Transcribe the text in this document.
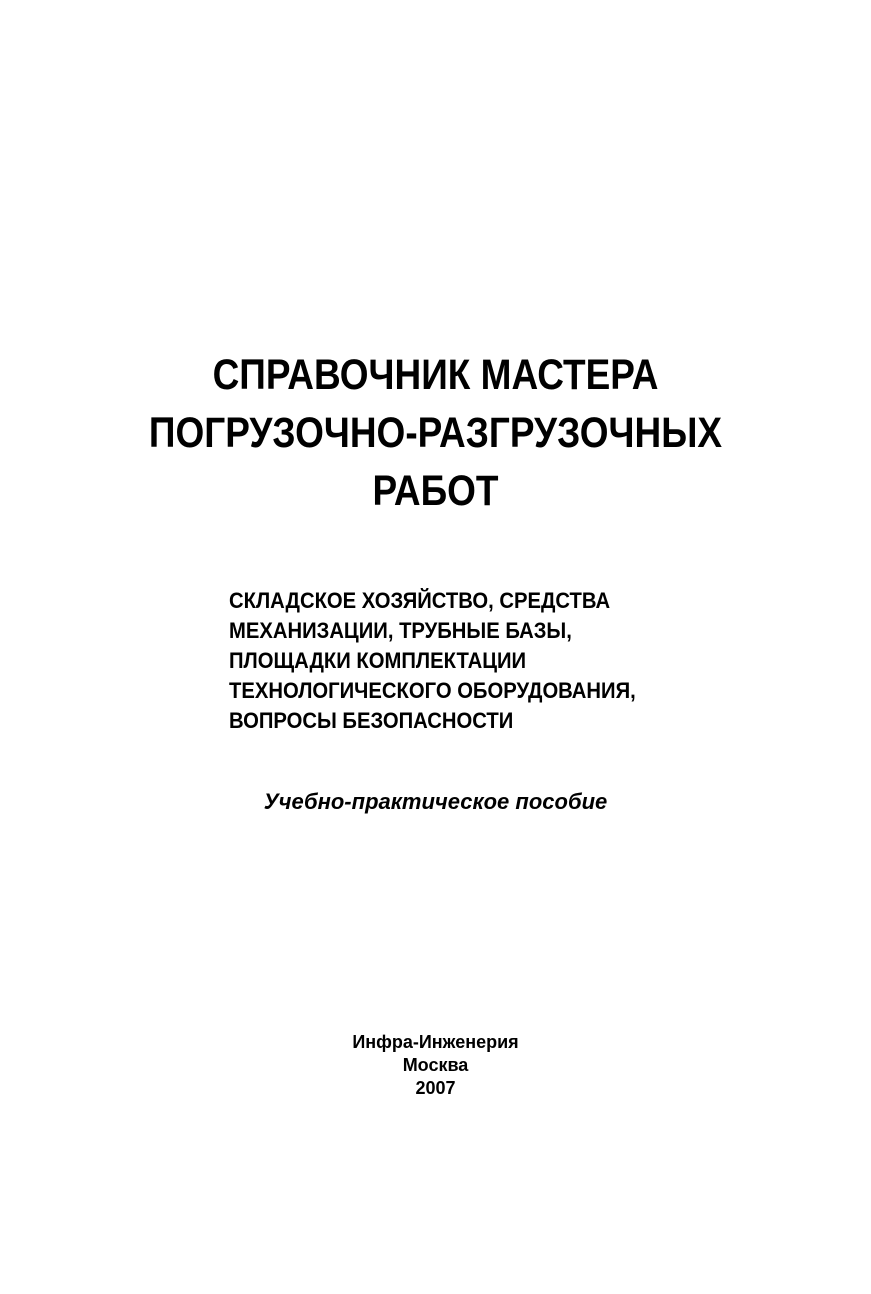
СПРАВОЧНИК МАСТЕРА
ПОГРУЗОЧНО-РАЗГРУЗОЧНЫХ
РАБОТ
СКЛАДСКОЕ ХОЗЯЙСТВО, СРЕДСТВА
МЕХАНИЗАЦИИ, ТРУБНЫЕ БАЗЫ,
ПЛОЩАДКИ КОМПЛЕКТАЦИИ
ТЕХНОЛОГИЧЕСКОГО ОБОРУДОВАНИЯ,
ВОПРОСЫ БЕЗОПАСНОСТИ
Учебно-практическое пособие
Инфра-Инженерия
Москва
2007
